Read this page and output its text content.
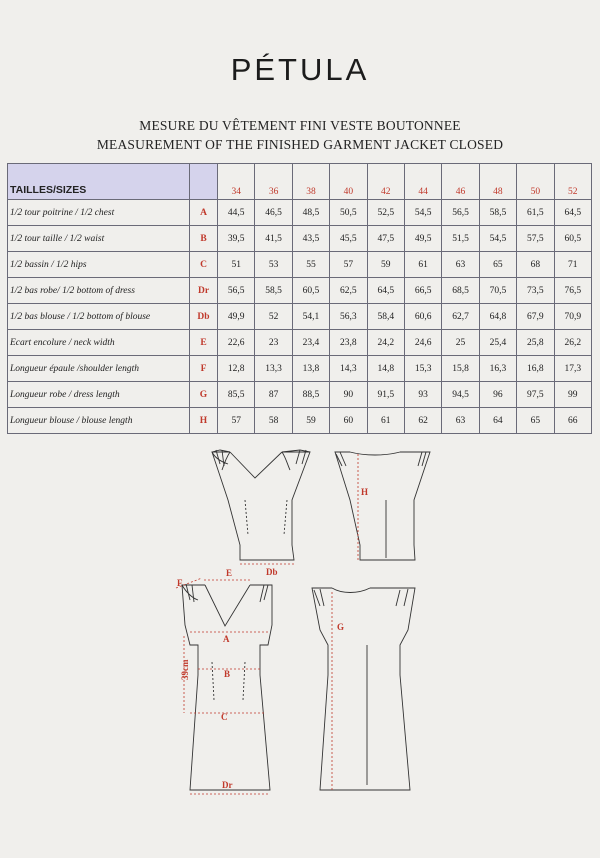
PÉTULA
MESURE DU VÊTEMENT FINI VESTE BOUTONNEE
MEASUREMENT OF THE FINISHED GARMENT JACKET CLOSED
TAILLES/SIZES		34	36	38	40	42	44	46	48	50	52
1/2 tour poitrine / 1/2 chest	A	44,5	46,5	48,5	50,5	52,5	54,5	56,5	58,5	61,5	64,5
1/2 tour taille / 1/2 waist	B	39,5	41,5	43,5	45,5	47,5	49,5	51,5	54,5	57,5	60,5
1/2 bassin / 1/2 hips	C	51	53	55	57	59	61	63	65	68	71
1/2 bas robe/ 1/2 bottom of dress	Dr	56,5	58,5	60,5	62,5	64,5	66,5	68,5	70,5	73,5	76,5
1/2 bas blouse / 1/2 bottom of blouse	Db	49,9	52	54,1	56,3	58,4	60,6	62,7	64,8	67,9	70,9
Ecart encolure / neck width	E	22,6	23	23,4	23,8	24,2	24,6	25	25,4	25,8	26,2
Longueur épaule /shoulder length	F	12,8	13,3	13,8	14,3	14,8	15,3	15,8	16,3	16,8	17,3
Longueur robe / dress length	G	85,5	87	88,5	90	91,5	93	94,5	96	97,5	99
Longueur blouse / blouse length	H	57	58	59	60	61	62	63	64	65	66
Db
H
E
F
A
B
C
39cm
Dr
G
